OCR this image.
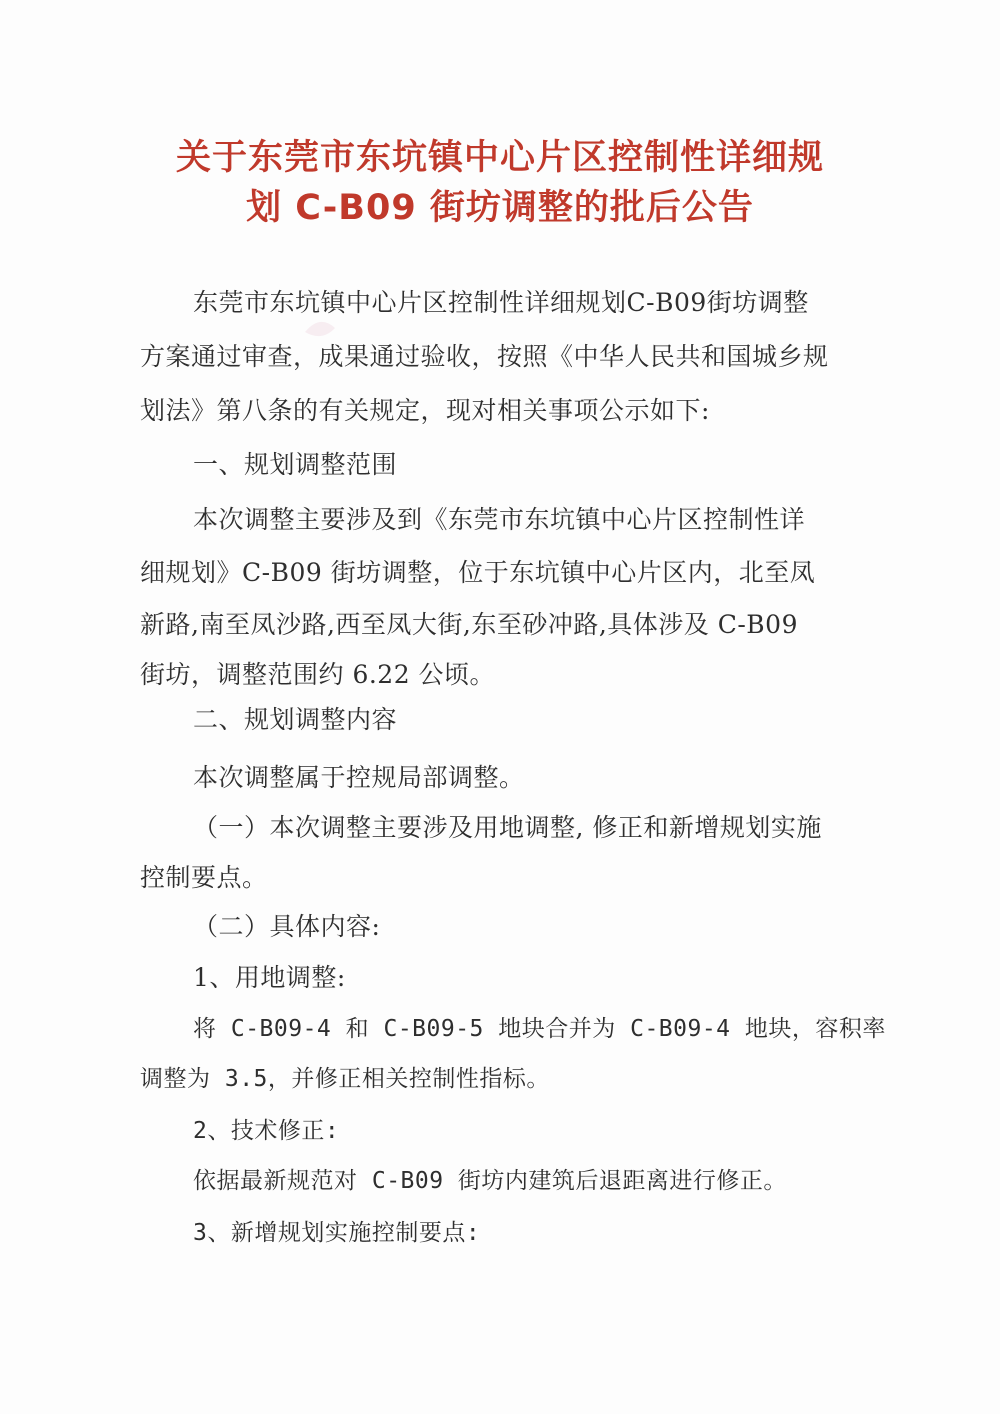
关于东莞市东坑镇中心片区控制性详细规
划 C-B09 街坊调整的批后公告
东莞市东坑镇中心片区控制性详细规划C-B09街坊调整
方案通过审查，成果通过验收，按照《中华人民共和国城乡规
划法》第八条的有关规定，现对相关事项公示如下:
一、规划调整范围
本次调整主要涉及到《东莞市东坑镇中心片区控制性详
细规划》C-B09 街坊调整，位于东坑镇中心片区内，北至凤
新路,南至凤沙路,西至凤大街,东至砂冲路,具体涉及 C-B09
街坊，调整范围约 6.22 公顷。
二、规划调整内容
本次调整属于控规局部调整。
（一）本次调整主要涉及用地调整, 修正和新增规划实施
控制要点。
（二）具体内容:
1、用地调整:
将 C-B09-4 和 C-B09-5 地块合并为 C-B09-4 地块，容积率
调整为 3.5，并修正相关控制性指标。
2、技术修正:
依据最新规范对 C-B09 街坊内建筑后退距离进行修正。
3、新增规划实施控制要点:
